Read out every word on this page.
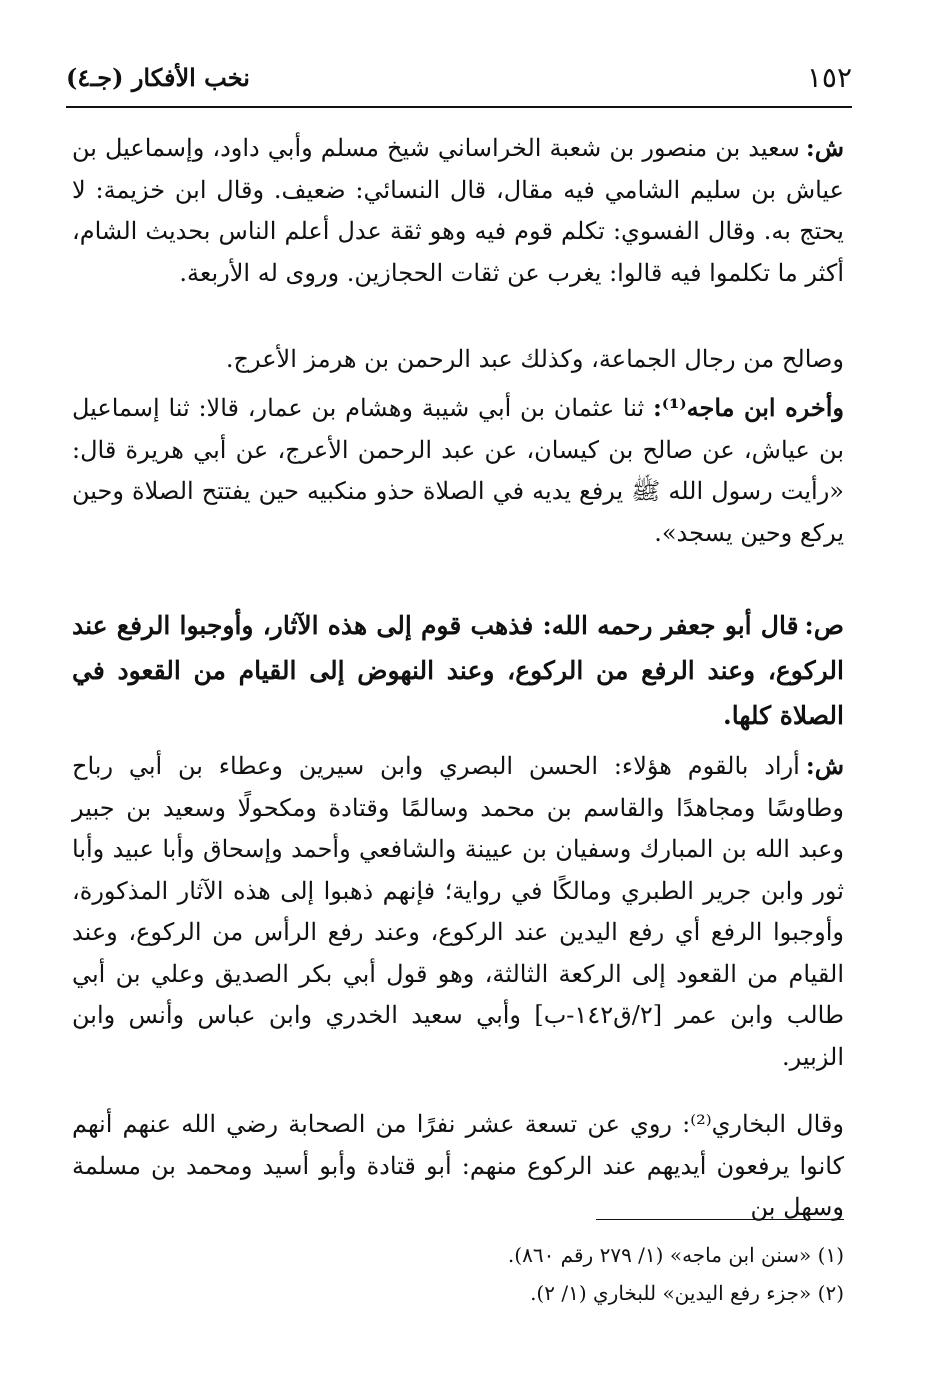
١٥٢
نخب الأفكار (جـ٤)

ش:سعيد بن منصور بن شعبة الخراساني شيخ مسلم وأبي داود، وإسماعيل بن عياش بن سليم الشامي فيه مقال، قال النسائي: ضعيف. وقال ابن خزيمة: لا يحتج به. وقال الفسوي: تكلم قوم فيه وهو ثقة عدل أعلم الناس بحديث الشام، أكثر ما تكلموا فيه قالوا: يغرب عن ثقات الحجازين. وروى له الأربعة.

وصالح من رجال الجماعة، وكذلك عبد الرحمن بن هرمز الأعرج.

وأخره ابن ماجه⁽¹⁾: ثنا عثمان بن أبي شيبة وهشام بن عمار، قالا: ثنا إسماعيل بن عياش، عن صالح بن كيسان، عن عبد الرحمن الأعرج، عن أبي هريرة قال: «رأيت رسول الله ﷺ يرفع يديه في الصلاة حذو منكبيه حين يفتتح الصلاة وحين يركع وحين يسجد».

ص:قال أبو جعفر رحمه الله: فذهب قوم إلى هذه الآثار، وأوجبوا الرفع عند الركوع، وعند الرفع من الركوع، وعند النهوض إلى القيام من القعود في الصلاة كلها.

ش:أراد بالقوم هؤلاء: الحسن البصري وابن سيرين وعطاء بن أبي رباح وطاوسًا ومجاهدًا والقاسم بن محمد وسالمًا وقتادة ومكحولًا وسعيد بن جبير وعبد الله بن المبارك وسفيان بن عيينة والشافعي وأحمد وإسحاق وأبا عبيد وأبا ثور وابن جرير الطبري ومالكًا في رواية؛ فإنهم ذهبوا إلى هذه الآثار المذكورة، وأوجبوا الرفع أي رفع اليدين عند الركوع، وعند رفع الرأس من الركوع، وعند القيام من القعود إلى الركعة الثالثة، وهو قول أبي بكر الصديق وعلي بن أبي طالب وابن عمر [٢/ق١٤٢-ب] وأبي سعيد الخدري وابن عباس وأنس وابن الزبير.

وقال البخاري⁽²⁾: روي عن تسعة عشر نفرًا من الصحابة رضي الله عنهم أنهم كانوا يرفعون أيديهم عند الركوع منهم: أبو قتادة وأبو أسيد ومحمد بن مسلمة وسهل بن

(١) «سنن ابن ماجه» (١/ ٢٧٩ رقم ٨٦٠).

(٢) «جزء رفع اليدين» للبخاري (١/ ٢).
